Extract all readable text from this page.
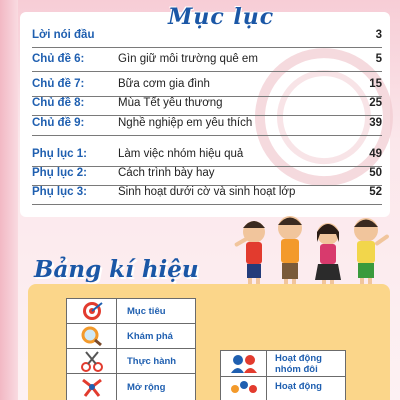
Mục lục
Lời nói đầu	3
Chủ đề 6:	Gìn giữ môi trường quê em	5
Chủ đề 7:	Bữa cơm gia đình	15
Chủ đề 8:	Mùa Tết yêu thương	25
Chủ đề 9:	Nghề nghiệp em yêu thích	39
Phụ lục 1:	Làm việc nhóm hiệu quả	49
Phụ lục 2:	Cách trình bày hay	50
Phụ lục 3:	Sinh hoạt dưới cờ và sinh hoạt lớp	52
Bảng kí hiệu
Mục tiêu
Khám phá
Thực hành
Mở rộng
Hoạt động nhóm đôi
Hoạt động
